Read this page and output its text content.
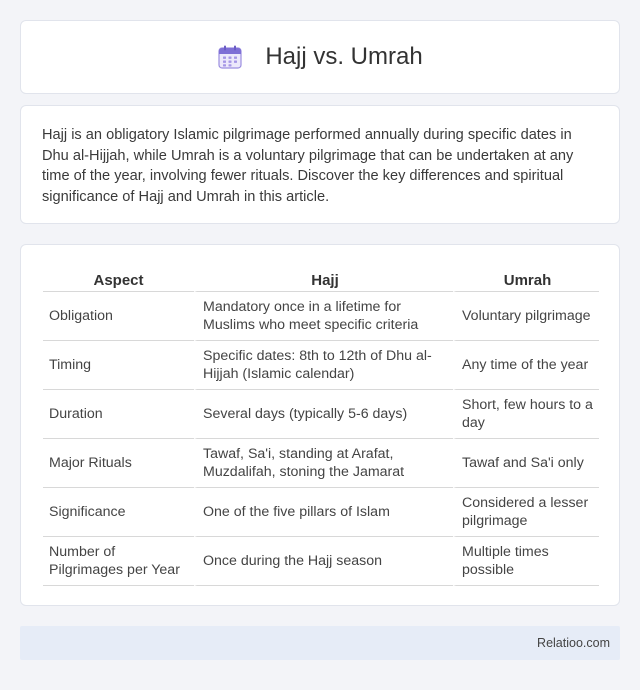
Hajj vs. Umrah

Hajj is an obligatory Islamic pilgrimage performed annually during specific dates in Dhu al-Hijjah, while Umrah is a voluntary pilgrimage that can be undertaken at any time of the year, involving fewer rituals. Discover the key differences and spiritual significance of Hajj and Umrah in this article.

Aspect	Hajj	Umrah
Obligation	Mandatory once in a lifetime for Muslims who meet specific criteria	Voluntary pilgrimage
Timing	Specific dates: 8th to 12th of Dhu al-Hijjah (Islamic calendar)	Any time of the year
Duration	Several days (typically 5-6 days)	Short, few hours to a day
Major Rituals	Tawaf, Sa'i, standing at Arafat, Muzdalifah, stoning the Jamarat	Tawaf and Sa'i only
Significance	One of the five pillars of Islam	Considered a lesser pilgrimage
Number of Pilgrimages per Year	Once during the Hajj season	Multiple times possible
Relatioo.com
